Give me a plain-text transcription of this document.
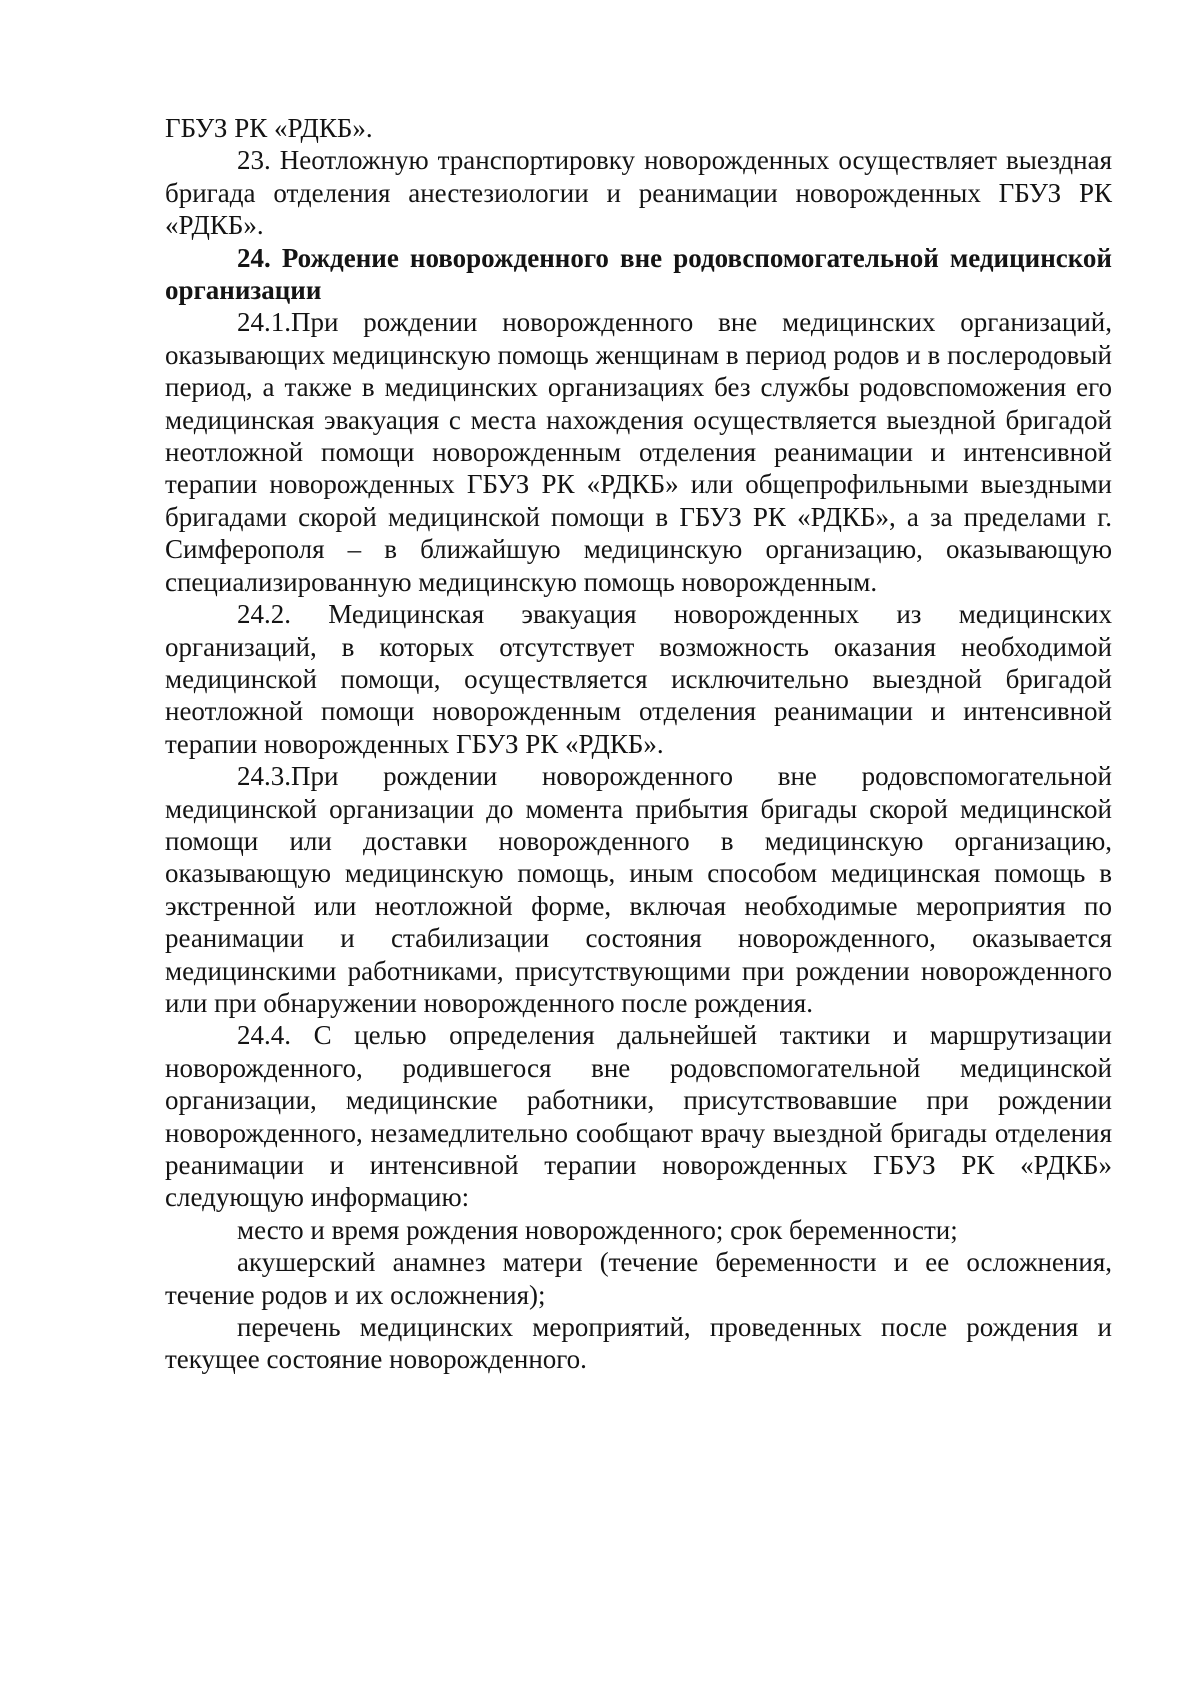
ГБУЗ РК «РДКБ».

23. Неотложную транспортировку новорожденных осуществляет выездная бригада отделения анестезиологии и реанимации новорожденных ГБУЗ РК «РДКБ».

24. Рождение новорожденного вне родовспомогательной медицинской организации

24.1.При рождении новорожденного вне медицинских организаций, оказывающих медицинскую помощь женщинам в период родов и в послеродовый период, а также в медицинских организациях без службы родовспоможения его медицинская эвакуация с места нахождения осуществляется выездной бригадой неотложной помощи новорожденным отделения реанимации и интенсивной терапии новорожденных ГБУЗ РК «РДКБ» или общепрофильными выездными бригадами скорой медицинской помощи в ГБУЗ РК «РДКБ», а за пределами г. Симферополя – в ближайшую медицинскую организацию, оказывающую специализированную медицинскую помощь новорожденным.

24.2. Медицинская эвакуация новорожденных из медицинских организаций, в которых отсутствует возможность оказания необходимой медицинской помощи, осуществляется исключительно выездной бригадой неотложной помощи новорожденным отделения реанимации и интенсивной терапии новорожденных ГБУЗ РК «РДКБ».

24.3.При рождении новорожденного вне родовспомогательной медицинской организации до момента прибытия бригады скорой медицинской помощи или доставки новорожденного в медицинскую организацию, оказывающую медицинскую помощь, иным способом медицинская помощь в экстренной или неотложной форме, включая необходимые мероприятия по реанимации и стабилизации состояния новорожденного, оказывается медицинскими работниками, присутствующими при рождении новорожденного или при обнаружении новорожденного после рождения.

24.4. С целью определения дальнейшей тактики и маршрутизации новорожденного, родившегося вне родовспомогательной медицинской организации, медицинские работники, присутствовавшие при рождении новорожденного, незамедлительно сообщают врачу выездной бригады отделения реанимации и интенсивной терапии новорожденных ГБУЗ РК «РДКБ» следующую информацию:

место и время рождения новорожденного; срок беременности;

акушерский анамнез матери (течение беременности и ее осложнения, течение родов и их осложнения);

перечень медицинских мероприятий, проведенных после рождения и текущее состояние новорожденного.
